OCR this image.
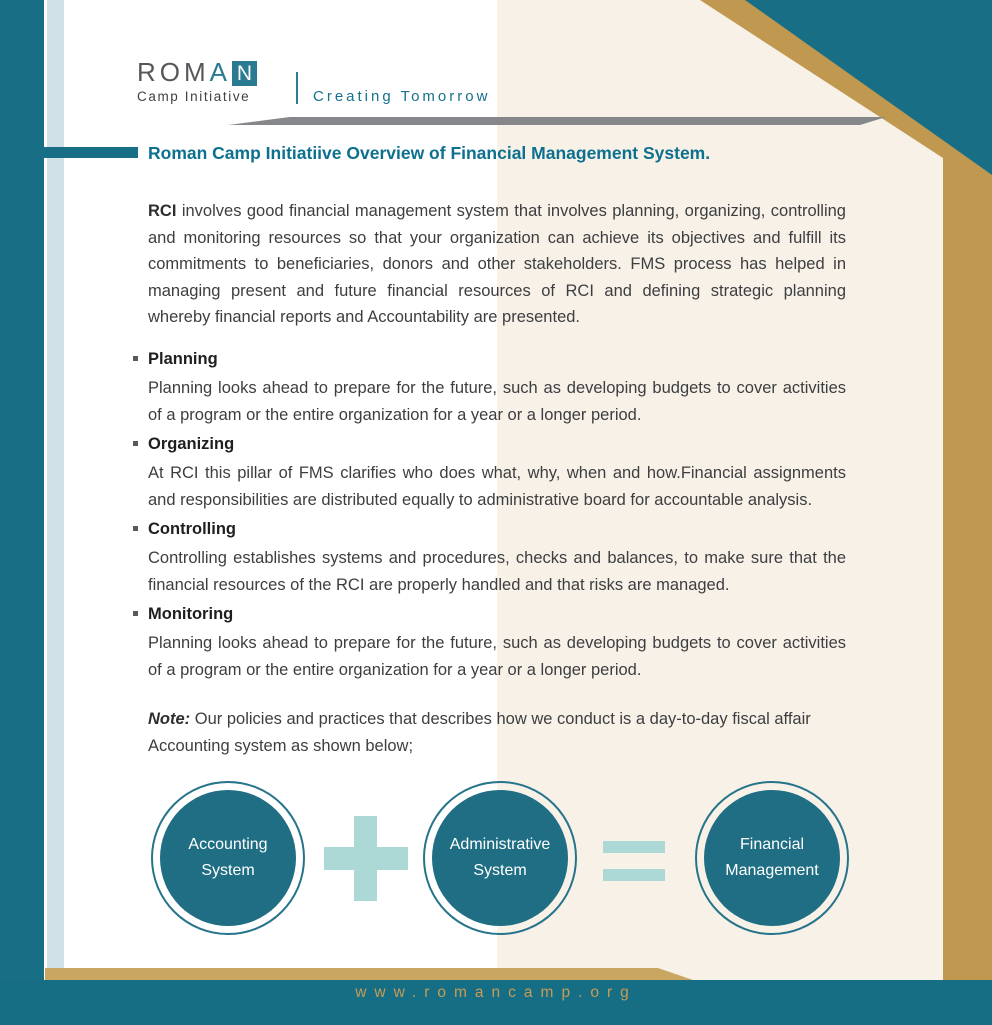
ROMA N
Camp Initiative	Creating Tomorrow
Roman Camp Initiatiive Overview of Financial Management System.
RCI involves good financial management system that involves planning, organizing, controlling and monitoring resources so that your organization can achieve its objectives and fulfill its commitments to beneficiaries, donors and other stakeholders. FMS process has helped in managing present and future financial resources of RCI and defining strategic planning whereby financial reports and Accountability are presented.
Planning

Planning looks ahead to prepare for the future, such as developing budgets to cover activities of a program or the entire organization for a year or a longer period.

Organizing

At RCI this pillar of FMS clarifies who does what, why, when and how.Financial assignments and responsibilities are distributed equally to administrative board for accountable analysis.

Controlling

Controlling establishes systems and procedures, checks and balances, to make sure that the financial resources of the RCI are properly handled and that risks are managed.

Monitoring

Planning looks ahead to prepare for the future, such as developing budgets to cover activities of a program or the entire organization for a year or a longer period.

Note: Our policies and practices that describes how we conduct is a day-to-day fiscal affair Accounting system as shown below;
Accounting
System
Administrative
System
Financial
Management
www.romancamp.org
